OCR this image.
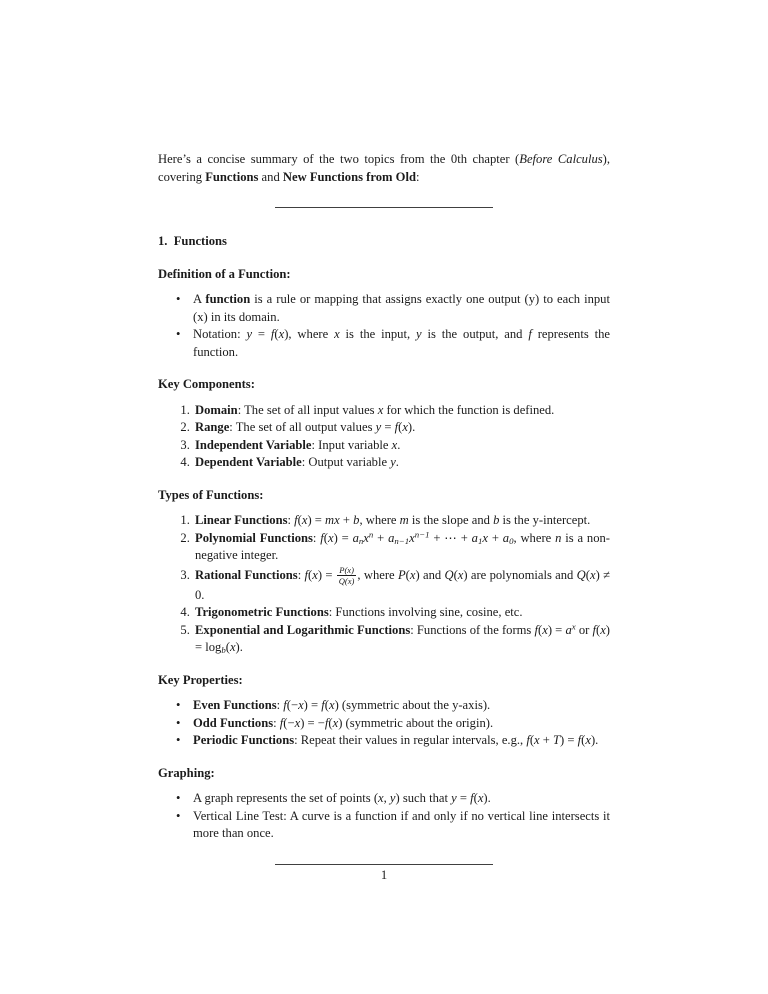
Here’s a concise summary of the two topics from the 0th chapter (Before Calculus), covering Functions and New Functions from Old:

1. Functions

Definition of a Function:

• A function is a rule or mapping that assigns exactly one output (y) to each input (x) in its domain.
• Notation: y = f(x), where x is the input, y is the output, and f represents the function.

Key Components:

1. Domain: The set of all input values x for which the function is defined.
2. Range: The set of all output values y = f(x).
3. Independent Variable: Input variable x.
4. Dependent Variable: Output variable y.

Types of Functions:

1. Linear Functions: f(x) = mx + b, where m is the slope and b is the y-intercept.
2. Polynomial Functions: $f(x) = anx^n + an-1x^{n-1}$ + ⋯ + a1x + a0, where n is a non-negative integer.
3. Rational Functions: $f(x) = \frac{P(x)}{Q(x)}$ , where P(x) and Q(x) are polynomials and Q(x) ≠ 0.
4. Trigonometric Functions: Functions involving sine, cosine, etc.
5. Exponential and Logarithmic Functions: Functions of the forms $f(x) = a^x$ or f(x) = logb(x).

Key Properties:

• Even Functions: f(−x) = f(x) (symmetric about the y-axis).
• Odd Functions: f(−x) = −f(x) (symmetric about the origin).
• Periodic Functions: Repeat their values in regular intervals, e.g., f(x + T) = f(x).

Graphing:

• A graph represents the set of points (x, y) such that y = f(x).
• Vertical Line Test: A curve is a function if and only if no vertical line intersects it more than once.
1
